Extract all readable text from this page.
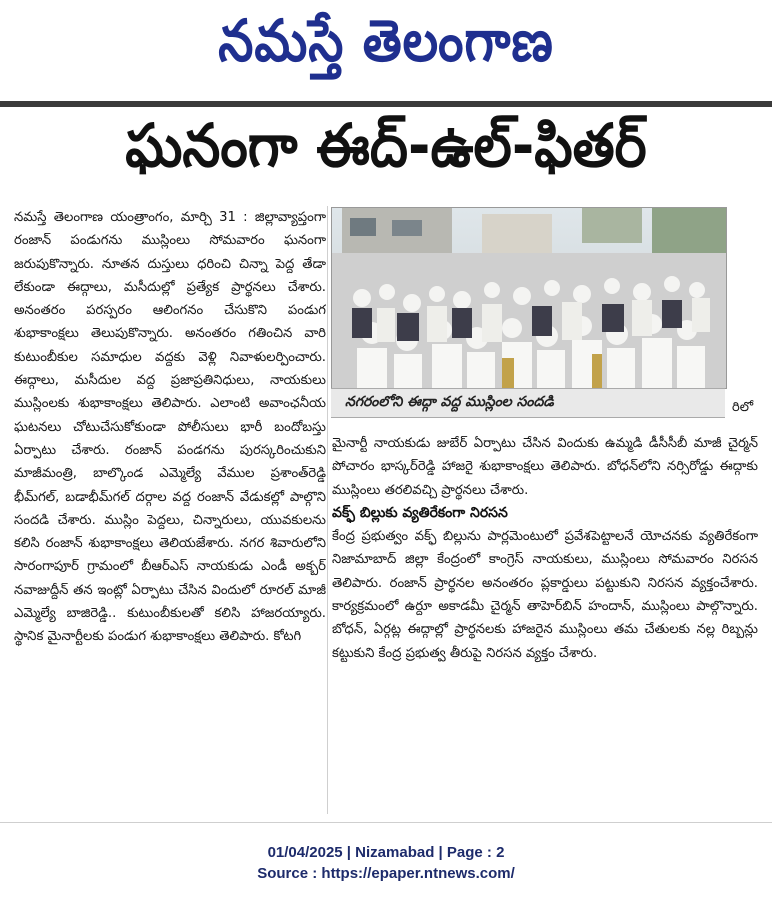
నమస్తే తెలంగాణ
ఘనంగా ఈద్-ఉల్-ఫితర్

నమస్తే తెలంగాణ యంత్రాంగం, మార్చి 31 : జిల్లావ్యాప్తంగా రంజాన్ పండుగను ముస్లింలు సోమవారం ఘనంగా జరుపుకొన్నారు. నూతన దుస్తులు ధరించి చిన్నా పెద్ద తేడా లేకుండా ఈద్గాలు, మసీదుల్లో ప్రత్యేక ప్రార్థనలు చేశారు. అనంతరం పరస్పరం ఆలింగనం చేసుకొని పండుగ శుభాకాంక్షలు తెలుపుకొన్నారు. అనంతరం గతించిన వారి కుటుంబీకుల సమాధుల వద్దకు వెళ్లి నివాళులర్పించారు. ఈద్గాలు, మసీదుల వద్ద ప్రజాప్రతినిధులు, నాయకులు ముస్లింలకు శుభాకాంక్షలు తెలిపారు. ఎలాంటి అవాంఛనీయ ఘటనలు చోటుచేసుకోకుండా పోలీసులు భారీ బందోబస్తు ఏర్పాటు చేశారు. రంజాన్ పండగను పురస్కరించుకుని మాజీమంత్రి, బాల్కొండ ఎమ్మెల్యే వేముల ప్రశాంత్‌రెడ్డి భీమ్‌గల్, బడాభీమ్‌గల్ దర్గాల వద్ద రంజాన్ వేడుకల్లో పాల్గొని సందడి చేశారు. ముస్లిం పెద్దలు, చిన్నారులు, యువకులను కలిసి రంజాన్ శుభాకాంక్షలు తెలియజేశారు. నగర శివారులోని సారంగాపూర్ గ్రామంలో బీఆర్ఎస్ నాయకుడు ఎండీ అక్బర్ నవాజుద్దీన్ తన ఇంట్లో ఏర్పాటు చేసిన విందులో రూరల్ మాజీ ఎమ్మెల్యే బాజిరెడ్డి.. కుటుంబీకులతో కలిసి హాజరయ్యారు. స్థానిక మైనార్టీలకు పండుగ శుభాకాంక్షలు తెలిపారు. కోటగి

నగరంలోని ఈద్గా వద్ద ముస్లింల సందడి	రిలో

మైనార్టీ నాయకుడు జుబేర్ ఏర్పాటు చేసిన విందుకు ఉమ్మడి డీసీసీబీ మాజీ చైర్మన్ పోచారం భాస్కర్‌రెడ్డి హాజరై శుభాకాంక్షలు తెలిపారు. బోధన్‌లోని నర్సిరోడ్డు ఈద్గాకు ముస్లింలు తరలివచ్చి ప్రార్థనలు చేశారు.

వక్ఫ్ బిల్లుకు వ్యతిరేకంగా నిరసన

కేంద్ర ప్రభుత్వం వక్ఫ్ బిల్లును పార్లమెంటులో ప్రవేశపెట్టాలనే యోచనకు వ్యతిరేకంగా నిజామాబాద్ జిల్లా కేంద్రంలో కాంగ్రెస్ నాయకులు, ముస్లింలు సోమవారం నిరసన తెలిపారు. రంజాన్ ప్రార్థనల అనంతరం ప్లకార్డులు పట్టుకుని నిరసన వ్యక్తంచేశారు. కార్యక్రమంలో ఉర్దూ అకాడమీ చైర్మన్ తాహెర్‌బిన్ హందాన్, ముస్లింలు పాల్గొన్నారు. బోధన్, ఏర్గట్ల ఈద్గాల్లో ప్రార్థనలకు హాజరైన ముస్లింలు తమ చేతులకు నల్ల రిబ్బన్లు కట్టుకుని కేంద్ర ప్రభుత్వ తీరుపై నిరసన వ్యక్తం చేశారు.

01/04/2025 | Nizamabad | Page : 2
Source : https://epaper.ntnews.com/
